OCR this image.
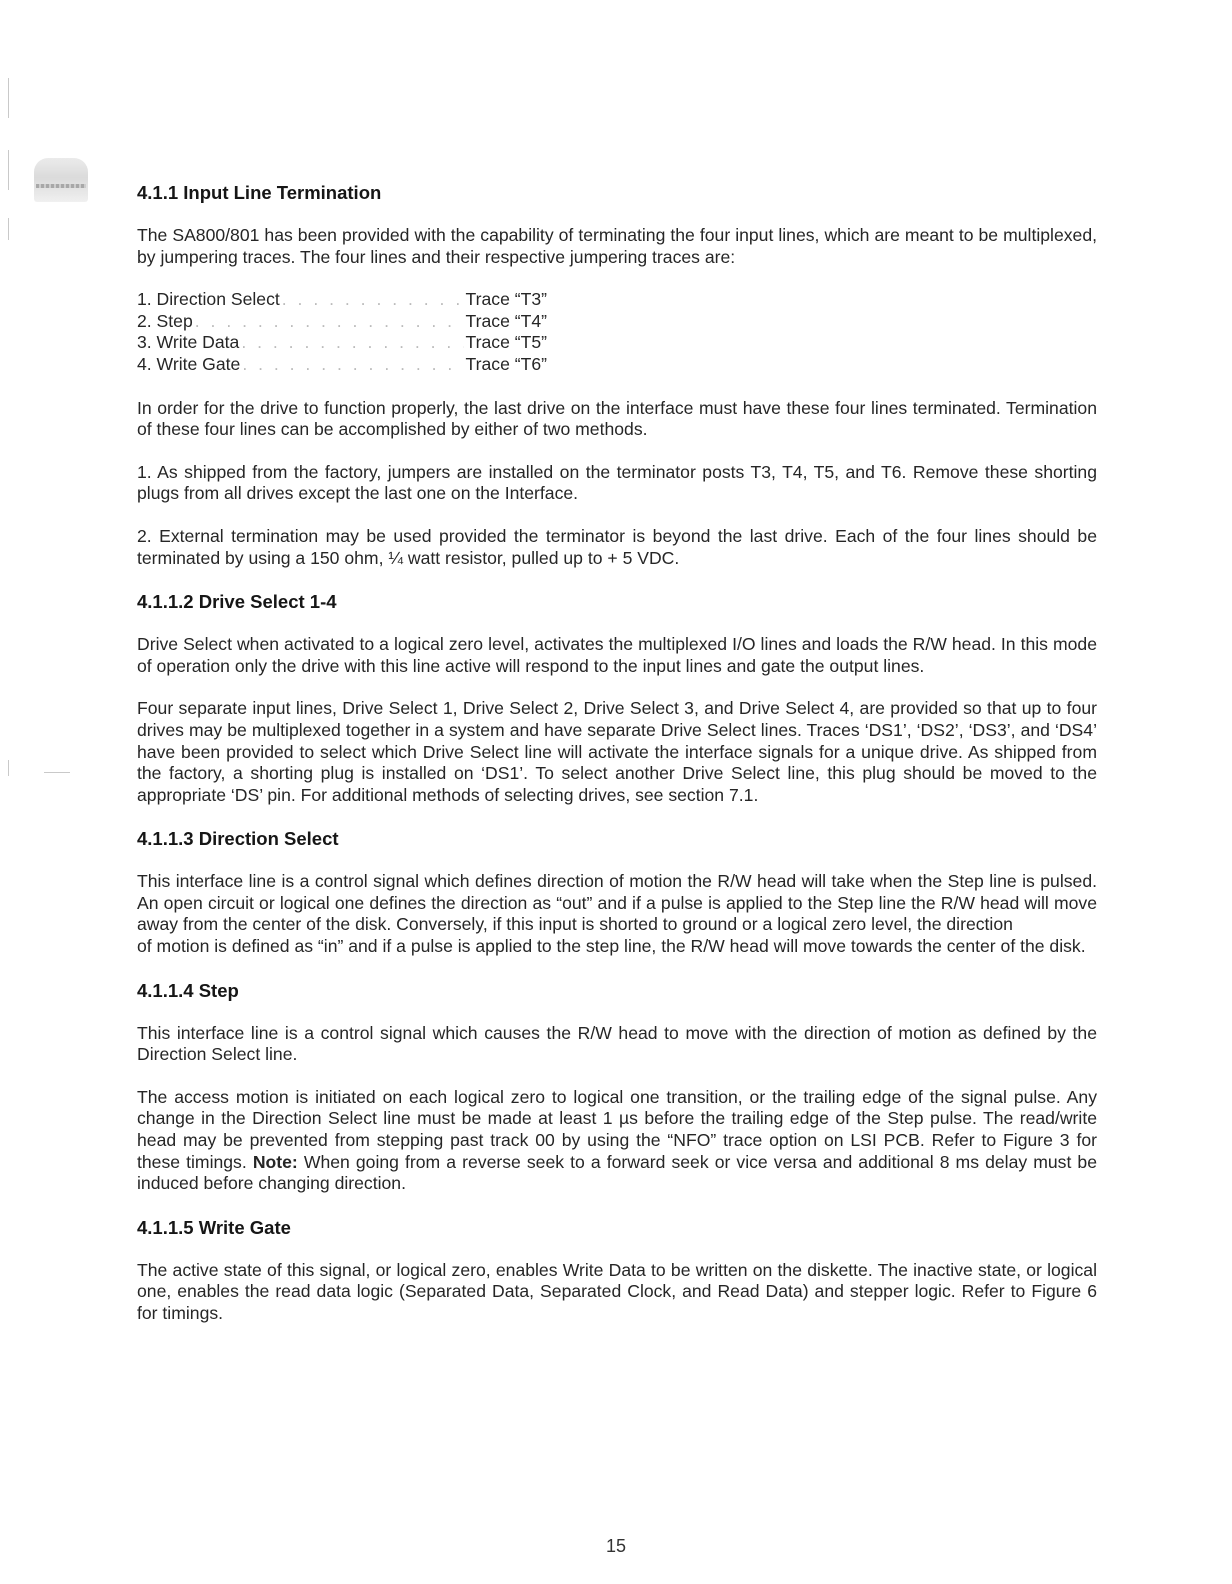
4.1.1 Input Line Termination

The SA800/801 has been provided with the capability of terminating the four input lines, which are meant to be multiplexed, by jumpering traces. The four lines and their respective jumpering traces are:

1. Direction Select . . .	Trace “T3”
2. Step . . .	Trace “T4”
3. Write Data . . .	Trace “T5”
4. Write Gate . . .	Trace “T6”

In order for the drive to function properly, the last drive on the interface must have these four lines terminated. Termination of these four lines can be accomplished by either of two methods.

1. As shipped from the factory, jumpers are installed on the terminator posts T3, T4, T5, and T6. Remove these shorting plugs from all drives except the last one on the Interface.

2. External termination may be used provided the terminator is beyond the last drive. Each of the four lines should be terminated by using a 150 ohm, ¼ watt resistor, pulled up to + 5 VDC.

4.1.1.2 Drive Select 1-4

Drive Select when activated to a logical zero level, activates the multiplexed I/O lines and loads the R/W head. In this mode of operation only the drive with this line active will respond to the input lines and gate the output lines.

Four separate input lines, Drive Select 1, Drive Select 2, Drive Select 3, and Drive Select 4, are provided so that up to four drives may be multiplexed together in a system and have separate Drive Select lines. Traces ‘DS1’, ‘DS2’, ‘DS3’, and ‘DS4’ have been provided to select which Drive Select line will activate the interface signals for a unique drive. As shipped from the factory, a shorting plug is installed on ‘DS1’. To select another Drive Select line, this plug should be moved to the appropriate ‘DS’ pin. For additional methods of selecting drives, see section 7.1.

4.1.1.3 Direction Select

This interface line is a control signal which defines direction of motion the R/W head will take when the Step line is pulsed. An open circuit or logical one defines the direction as “out” and if a pulse is applied to the Step line the R/W head will move away from the center of the disk. Conversely, if this input is shorted to ground or a logical zero level, the direction
of motion is defined as “in” and if a pulse is applied to the step line, the R/W head will move towards the center of the disk.

4.1.1.4 Step

This interface line is a control signal which causes the R/W head to move with the direction of motion as defined by the Direction Select line.

The access motion is initiated on each logical zero to logical one transition, or the trailing edge of the signal pulse. Any change in the Direction Select line must be made at least 1 µs before the trailing edge of the Step pulse. The read/write head may be prevented from stepping past track 00 by using the “NFO” trace option on LSI PCB. Refer to Figure 3 for these timings. Note: When going from a reverse seek to a forward seek or vice versa and additional 8 ms delay must be induced before changing direction.

4.1.1.5 Write Gate

The active state of this signal, or logical zero, enables Write Data to be written on the diskette. The inactive state, or logical one, enables the read data logic (Separated Data, Separated Clock, and Read Data) and stepper logic. Refer to Figure 6 for timings.

15
